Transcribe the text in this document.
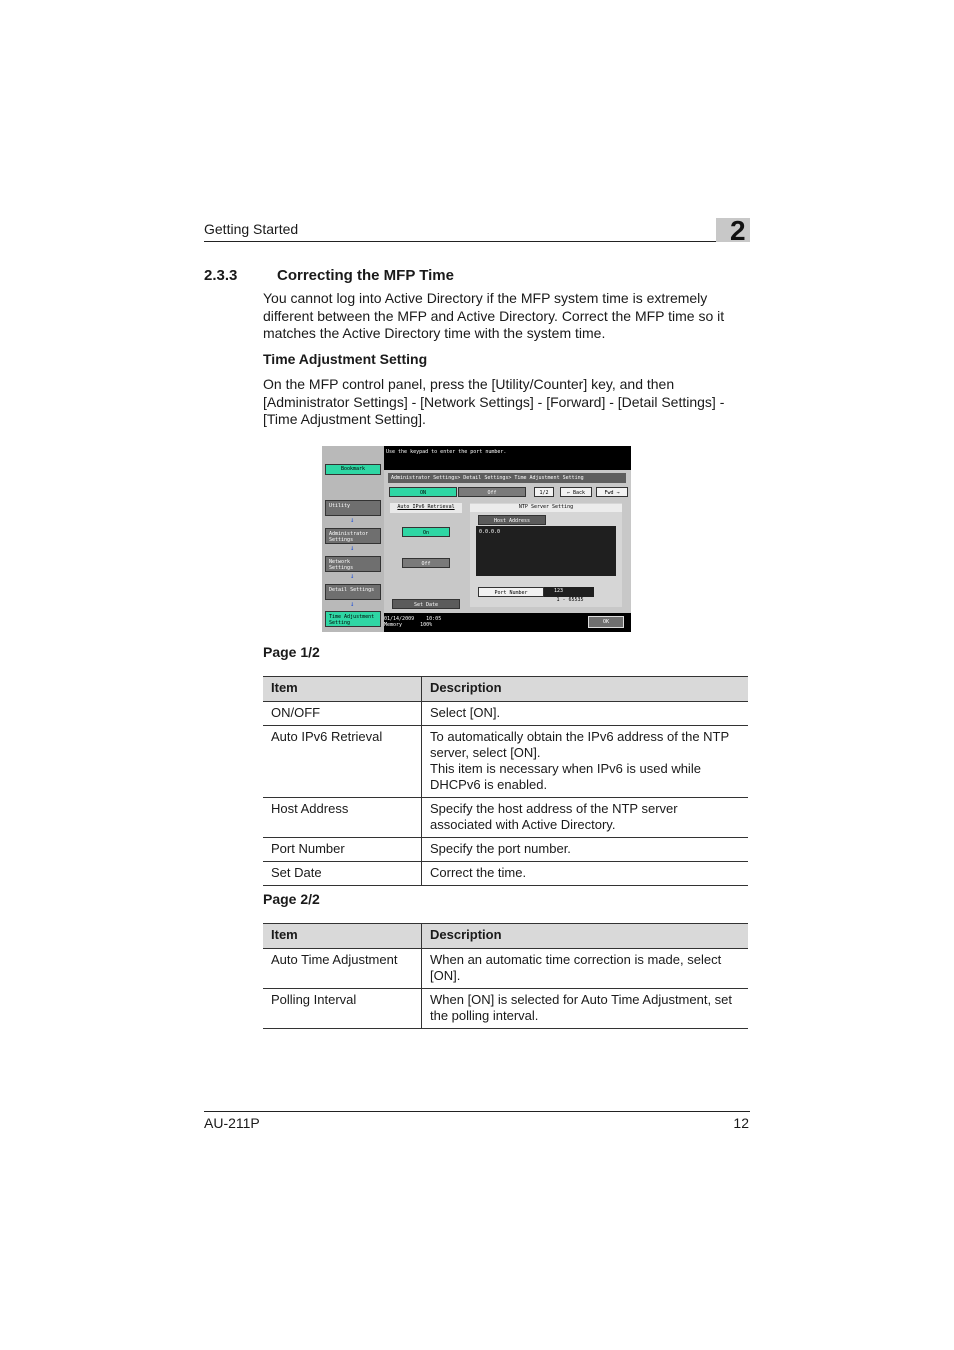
Getting Started	2
2.3.3	Correcting the MFP Time

You cannot log into Active Directory if the MFP system time is extremely different between the MFP and Active Directory. Correct the MFP time so it matches the Active Directory time with the system time.

Time Adjustment Setting

On the MFP control panel, press the [Utility/Counter] key, and then [Administrator Settings] - [Network Settings] - [Forward] - [Detail Settings] - [Time Adjustment Setting].

Bookmark
Utility
↓
Administrator Settings
↓
Network Settings
↓
Detail Settings
↓
Time Adjustment Setting
Use the keypad to enter the port number.
Administrator Settings> Detail Settings> Time Adjustment Setting
ON	Off	1/2	← Back	Fwd →
Auto IPv6 Retrieval
On
Off
Set Date
NTP Server Setting
Host Address
0.0.0.0
Port Number	123
1 - 65535
01/14/2009 10:05
Memory	100%	OK
Page 1/2
Item	Description
ON/OFF	Select [ON].
Auto IPv6 Retrieval	To automatically obtain the IPv6 address of the NTP server, select [ON].
This item is necessary when IPv6 is used while DHCPv6 is enabled.
Host Address	Specify the host address of the NTP server associated with Active Directory.
Port Number	Specify the port number.
Set Date	Correct the time.
Page 2/2
Item	Description
Auto Time Adjustment	When an automatic time correction is made, select [ON].
Polling Interval	When [ON] is selected for Auto Time Adjustment, set the polling interval.
AU-211P	12
